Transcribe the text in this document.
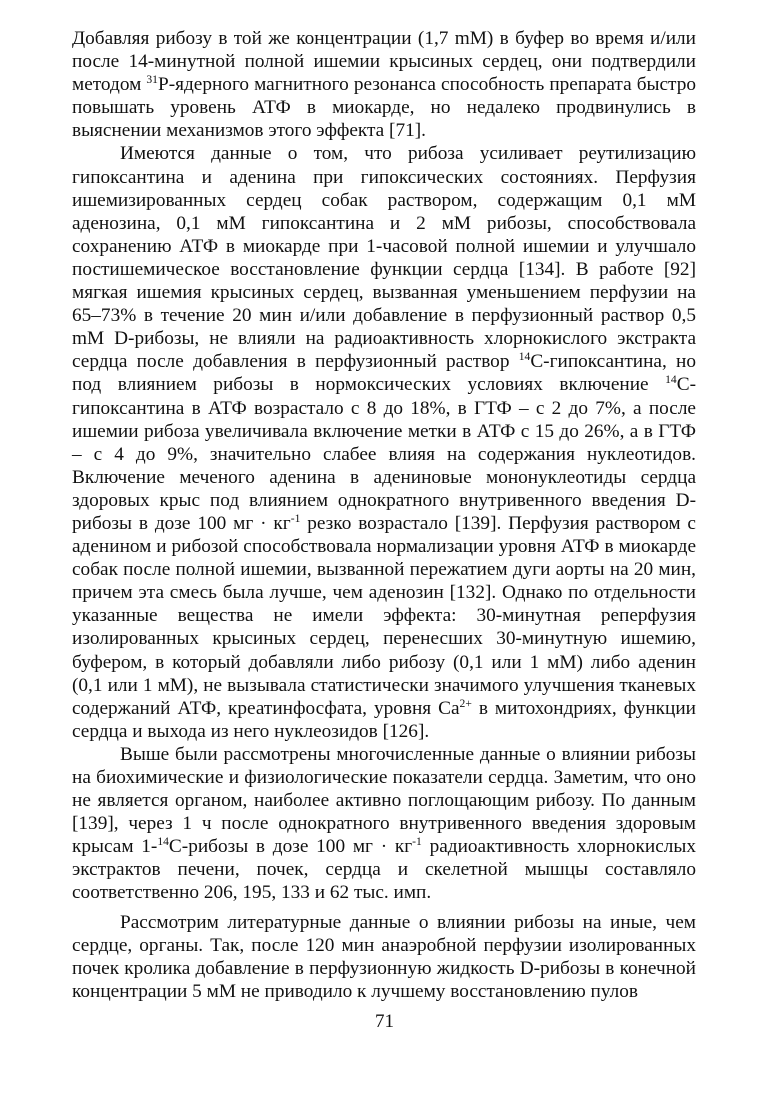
Добавляя рибозу в той же концентрации (1,7 mM) в буфер во время и/или после 14-минутной полной ишемии крысиных сердец, они подтвердили методом $^{31}$Р-ядерного магнитного резонанса способность препарата быстро повышать уровень АТФ в миокарде, но недалеко продвинулись в выяснении механизмов этого эффекта [71].

Имеются данные о том, что рибоза усиливает реутилизацию гипоксантина и аденина при гипоксических состояниях. Перфузия ишемизированных сердец собак раствором, содержащим 0,1 мМ аденозина, 0,1 мМ гипоксантина и 2 мМ рибозы, способствовала сохранению АТФ в миокарде при 1-часовой полной ишемии и улучшало постишемическое восстановление функции сердца [134]. В работе [92] мягкая ишемия крысиных сердец, вызванная уменьшением перфузии на 65–73% в течение 20 мин и/или добавление в перфузионный раствор 0,5 mM D-рибозы, не влияли на радиоактивность хлорнокислого экстракта сердца после добавления в перфузионный раствор $^{14}$С-гипоксантина, но под влиянием рибозы в нормоксических условиях включение $^{14}$С-гипоксантина в АТФ возрастало с 8 до 18%, в ГТФ – с 2 до 7%, а после ишемии рибоза увеличивала включение метки в АТФ с 15 до 26%, а в ГТФ – с 4 до 9%, значительно слабее влияя на содержания нуклеотидов. Включение меченого аденина в адениновые мононуклеотиды сердца здоровых крыс под влиянием однократного внутривенного введения D-рибозы в дозе 100 мг · $кг^{-1}$ резко возрастало [139]. Перфузия раствором с аденином и рибозой способствовала нормализации уровня АТФ в миокарде собак после полной ишемии, вызванной пережатием дуги аорты на 20 мин, причем эта смесь была лучше, чем аденозин [132]. Однако по отдельности указанные вещества не имели эффекта: 30-минутная реперфузия изолированных крысиных сердец, перенесших 30-минутную ишемию, буфером, в который добавляли либо рибозу (0,1 или 1 мМ) либо аденин (0,1 или 1 мМ), не вызывала статистически значимого улучшения тканевых содержаний АТФ, креатинфосфата, уровня $Ca^{2+}$ в митохондриях, функции сердца и выхода из него нуклеозидов [126].

Выше были рассмотрены многочисленные данные о влиянии рибозы на биохимические и физиологические показатели сердца. Заметим, что оно не является органом, наиболее активно поглощающим рибозу. По данным [139], через 1 ч после однократного внутривенного введения здоровым крысам 1-$^{14}$С-рибозы в дозе 100 мг · $кг^{-1}$ радиоактивность хлорнокислых экстрактов печени, почек, сердца и скелетной мышцы составляло соответственно 206, 195, 133 и 62 тыс. имп.

Рассмотрим литературные данные о влиянии рибозы на иные, чем сердце, органы. Так, после 120 мин анаэробной перфузии изолированных почек кролика добавление в перфузионную жидкость D-рибозы в конечной концентрации 5 мМ не приводило к лучшему восстановлению пулов

71
